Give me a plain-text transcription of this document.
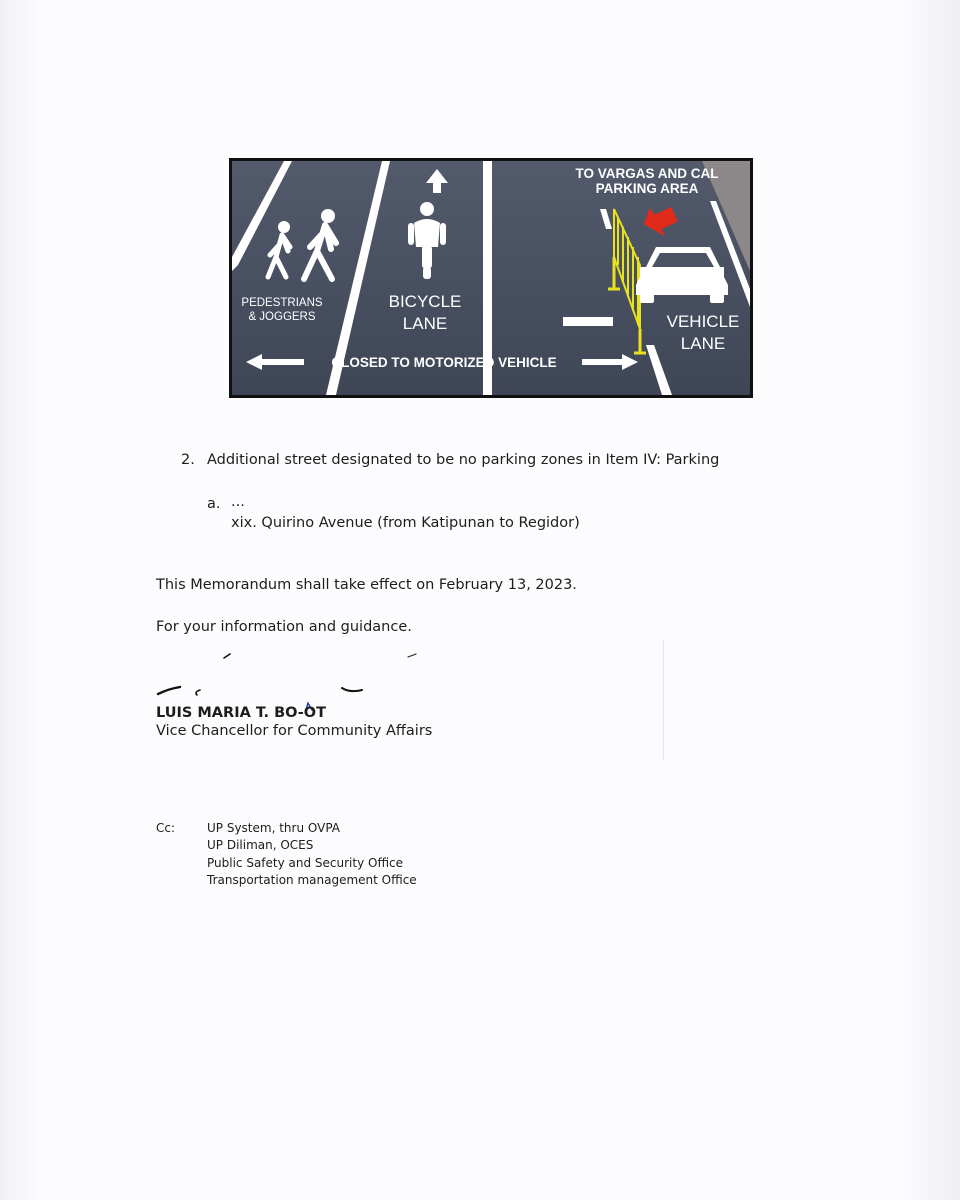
TO VARGAS AND CAL
PARKING AREA
PEDESTRIANS
& JOGGERS
BICYCLE
LANE	VEHICLE
LANE
CLOSED TO MOTORIZED VEHICLE
2. Additional street designated to be no parking zones in Item IV: Parking
a. ...
xix. Quirino Avenue (from Katipunan to Regidor)
This Memorandum shall take effect on February 13, 2023.
For your information and guidance.
LUIS MARIA T. BO-OT
Vice Chancellor for Community Affairs
Cc:	UP System, thru OVPA
UP Diliman, OCES
Public Safety and Security Office
Transportation management Office
